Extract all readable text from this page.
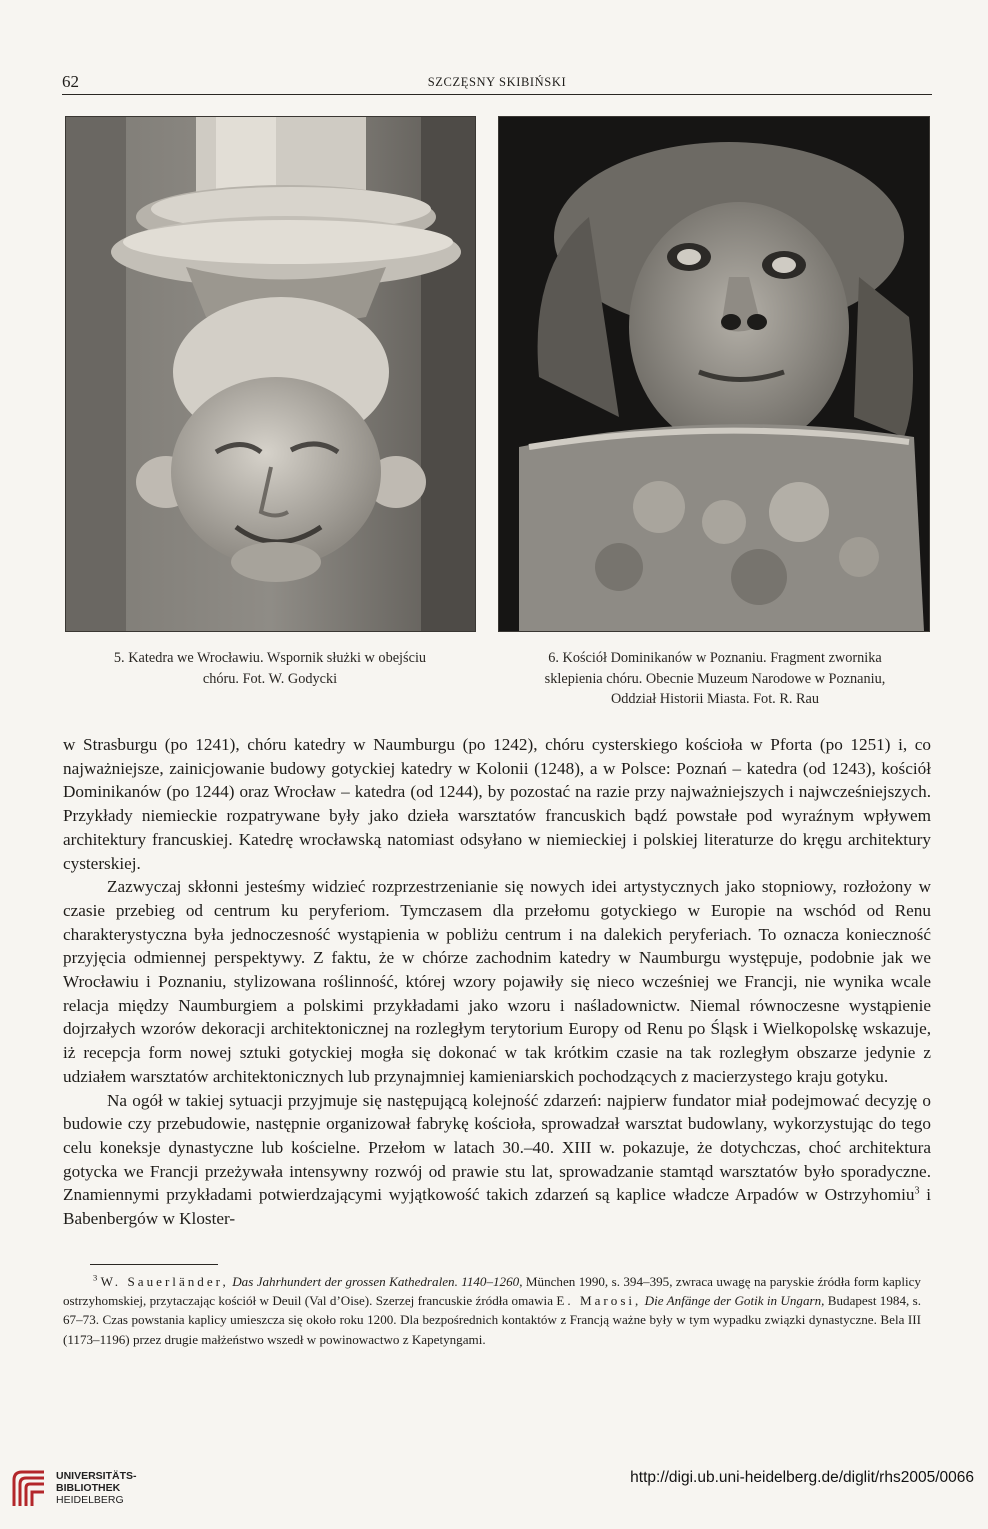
62	SZCZĘSNY SKIBIŃSKI
5. Katedra we Wrocławiu. Wspornik służki w obejściu
chóru. Fot. W. Godycki
6. Kościół Dominikanów w Poznaniu. Fragment zwornika
sklepienia chóru. Obecnie Muzeum Narodowe w Poznaniu,
Oddział Historii Miasta. Fot. R. Rau

w Strasburgu (po 1241), chóru katedry w Naumburgu (po 1242), chóru cysterskiego kościoła w Pforta (po 1251) i, co najważniejsze, zainicjowanie budowy gotyckiej katedry w Kolonii (1248), a w Polsce: Poznań – katedra (od 1243), kościół Dominikanów (po 1244) oraz Wrocław – katedra (od 1244), by pozostać na razie przy najważniejszych i najwcześniejszych. Przykłady niemieckie rozpatrywane były jako dzieła warsztatów francuskich bądź powstałe pod wyraźnym wpływem architektury francuskiej. Katedrę wrocławską natomiast odsyłano w niemieckiej i polskiej literaturze do kręgu architektury cysterskiej.

Zazwyczaj skłonni jesteśmy widzieć rozprzestrzenianie się nowych idei artystycznych jako stopniowy, rozłożony w czasie przebieg od centrum ku peryferiom. Tymczasem dla przełomu gotyckiego w Europie na wschód od Renu charakterystyczna była jednoczesność wystąpienia w pobliżu centrum i na dalekich peryferiach. To oznacza konieczność przyjęcia odmiennej perspektywy. Z faktu, że w chórze zachodnim katedry w Naumburgu występuje, podobnie jak we Wrocławiu i Poznaniu, stylizowana roślinność, której wzory pojawiły się nieco wcześniej we Francji, nie wynika wcale relacja między Naumburgiem a polskimi przykładami jako wzoru i naśladownictw. Niemal równoczesne wystąpienie dojrzałych wzorów dekoracji architektonicznej na rozległym terytorium Europy od Renu po Śląsk i Wielkopolskę wskazuje, iż recepcja form nowej sztuki gotyckiej mogła się dokonać w tak krótkim czasie na tak rozległym obszarze jedynie z udziałem warsztatów architektonicznych lub przynajmniej kamieniarskich pochodzących z macierzystego kraju gotyku.

Na ogół w takiej sytuacji przyjmuje się następującą kolejność zdarzeń: najpierw fundator miał podejmować decyzję o budowie czy przebudowie, następnie organizował fabrykę kościoła, sprowadzał warsztat budowlany, wykorzystując do tego celu koneksje dynastyczne lub kościelne. Przełom w latach 30.–40. XIII w. pokazuje, że dotychczas, choć architektura gotycka we Francji przeżywała intensywny rozwój od prawie stu lat, sprowadzanie stamtąd warsztatów było sporadyczne. Znamiennymi przykładami potwierdzającymi wyjątkowość takich zdarzeń są kaplice władcze Arpadów w Ostrzyhomiu$^3$ i Babenbergów w Kloster-

$^3$ W. Sauerländer, Das Jahrhundert der grossen Kathedralen. 1140–1260, München 1990, s. 394–395, zwraca uwagę na paryskie źródła form kaplicy ostrzyhomskiej, przytaczając kościół w Deuil (Val d’Oise). Szerzej francuskie źródła omawia E. Marosi, Die Anfänge der Gotik in Ungarn, Budapest 1984, s. 67–73. Czas powstania kaplicy umieszcza się około roku 1200. Dla bezpośrednich kontaktów z Francją ważne były w tym wypadku związki dynastyczne. Bela III (1173–1196) przez drugie małżeństwo wszedł w powinowactwo z Kapetyngami.

UNIVERSITÄTS-
BIBLIOTHEK
HEIDELBERG
http://digi.ub.uni-heidelberg.de/diglit/rhs2005/0066
